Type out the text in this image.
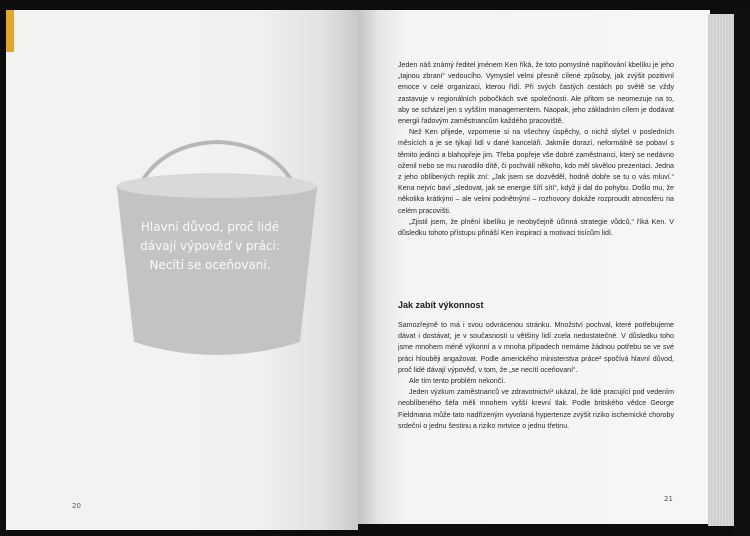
Hlavní důvod, proč lidé dávají výpověď v práci: Necítí se oceňovaní.
20

Jeden náš známý ředitel jménem Ken říká, že toto pomyslné naplňování kbelíku je jeho „tajnou zbraní“ vedoucího. Vymyslel velmi přesně cílené způsoby, jak zvýšit pozitivní emoce v celé organizaci, kterou řídí. Při svých častých cestách po světě se vždy zastavuje v regionálních pobočkách své společnosti. Ale přitom se neomezuje na to, aby se scházel jen s vyšším managementem. Naopak, jeho základním cílem je dodávat energii řadovým zaměstnancům každého pracoviště.

Než Ken přijede, vzpomene si na všechny úspěchy, o nichž slyšel v posledních měsících a je se týkají lidí v dané kanceláři. Jakmile dorazí, neformálně se pobaví s těmito jedinci a blahopřeje jim. Třeba popřeje vše dobré zaměstnanci, který se nedávno oženil nebo se mu narodilo dítě, či pochválí někoho, kdo měl skvělou prezentaci. Jedna z jeho oblíbených replik zní: „Jak jsem se dozvěděl, hodně dobře se tu o vás mluví.“ Kena nejvíc baví „sledovat, jak se energie šíří sítí“, když ji dal do pohybu. Došlo mu, že několika krátkými – ale velmi podnětnými – rozhovory dokáže rozproudit atmosféru na celém pracovišti.

„Zjistil jsem, že plnění kbelíku je neobyčejně účinná strategie vůdců,“ říká Ken. V důsledku tohoto přístupu přináší Ken inspiraci a motivaci tisícům lidí.

Jak zabít výkonnost

Samozřejmě to má i svou odvrácenou stránku. Množství pochval, které potřebujeme dávat i dostávat, je v současnosti u většiny lidí zcela nedostatečné. V důsledku toho jsme mnohem méně výkonní a v mnoha případech nemáme žádnou potřebu se ve své práci hlouběji angažovat. Podle amerického ministerstva práce² spočívá hlavní důvod, proč lidé dávají výpověď, v tom, že „se necítí oceňovaní“.

Ale tím tento problém nekončí.

Jeden výzkum zaměstnanců ve zdravotnictví³ ukázal, že lidé pracující pod vedením neoblíbeného šéfa měli mnohem vyšší krevní tlak. Podle britského vědce George Fieldmana může tato nadřízeným vyvolaná hypertenze zvýšit riziko ischemické choroby srdeční o jednu šestinu a riziko mrtvice o jednu třetinu.

21
